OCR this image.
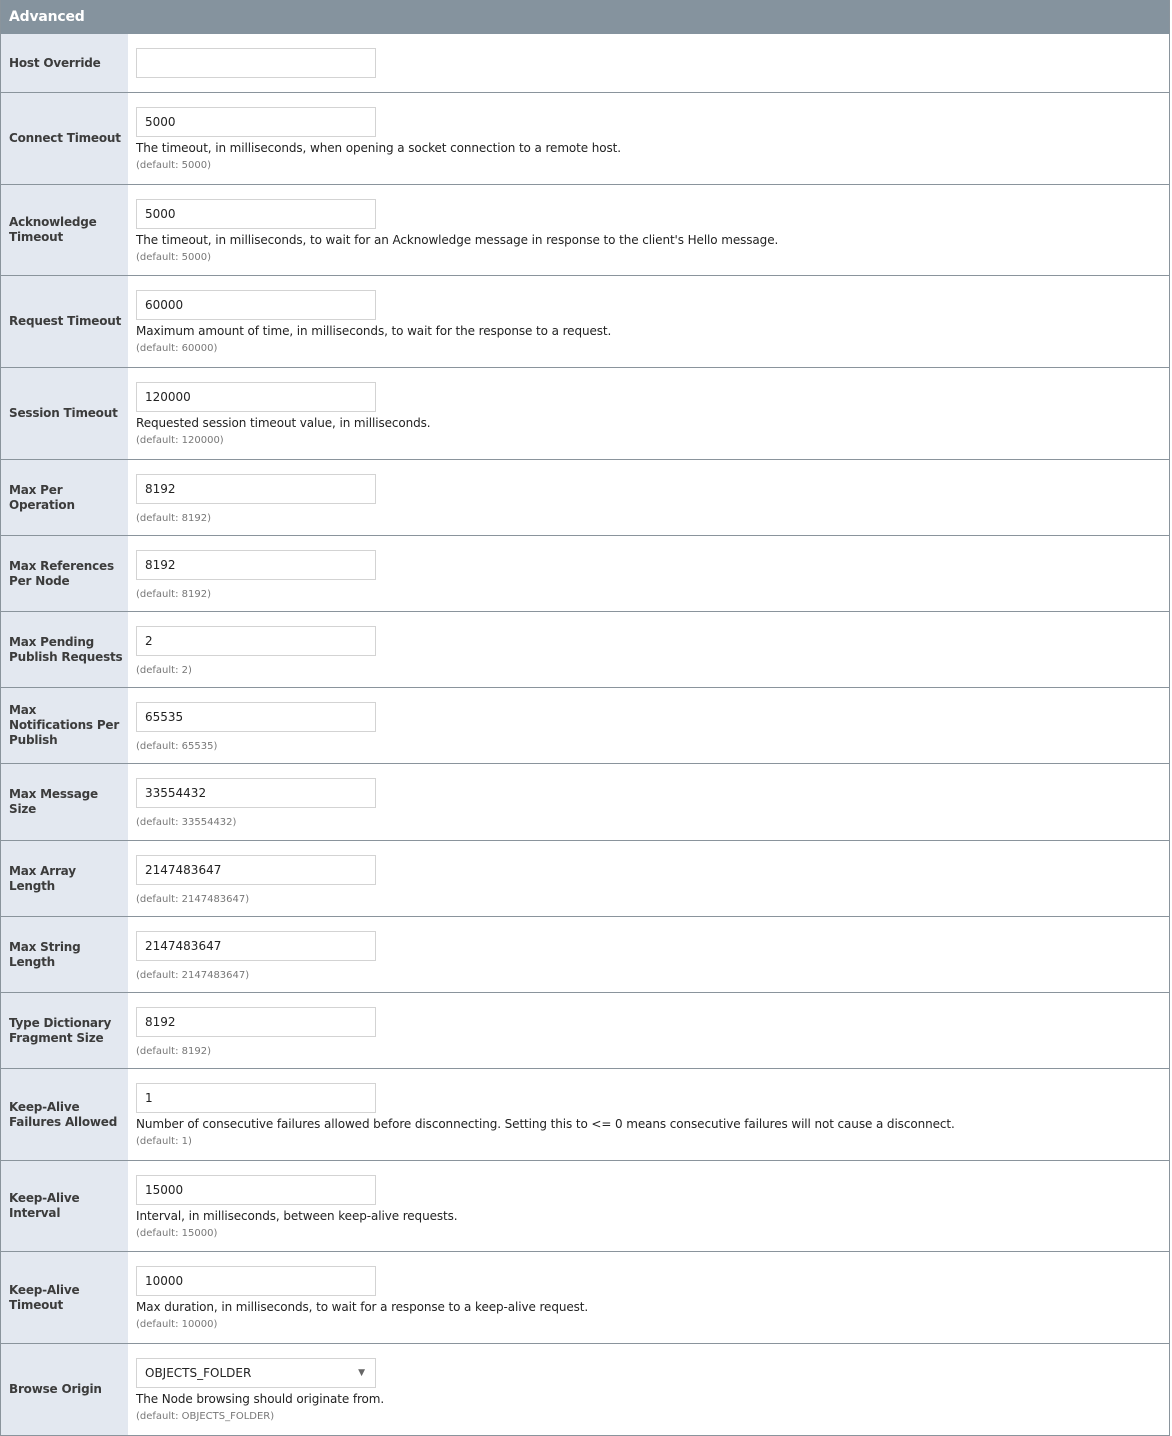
Advanced
Host Override
Connect Timeout
5000
The timeout, in milliseconds, when opening a socket connection to a remote host.
(default: 5000)
Acknowledge Timeout
5000	The timeout, in milliseconds, to wait for an Acknowledge message in response to the client's Hello message.
(default: 5000)
Request Timeout
60000
Maximum amount of time, in milliseconds, to wait for the response to a request.
(default: 60000)
Session Timeout
120000
Requested session timeout value, in milliseconds.
(default: 120000)
Max Per Operation
8192
(default: 8192)
Max References Per Node
8192
(default: 8192)
Max Pending Publish Requests
2
(default: 2)
Max Notifications Per Publish
65535	(default: 65535)
Max Message Size
33554432
(default: 33554432)
Max Array Length
2147483647
(default: 2147483647)
Max String Length
2147483647
(default: 2147483647)
Type Dictionary Fragment Size
8192
(default: 8192)
Keep-Alive Failures Allowed
1	Number of consecutive failures allowed before disconnecting. Setting this to <= 0 means consecutive failures will not cause a disconnect.
(default: 1)
Keep-Alive Interval
15000	Interval, in milliseconds, between keep-alive requests.
(default: 15000)
Keep-Alive Timeout
10000	Max duration, in milliseconds, to wait for a response to a keep-alive request.
(default: 10000)
Browse Origin
OBJECTS_FOLDER	▼
The Node browsing should originate from.
(default: OBJECTS_FOLDER)
